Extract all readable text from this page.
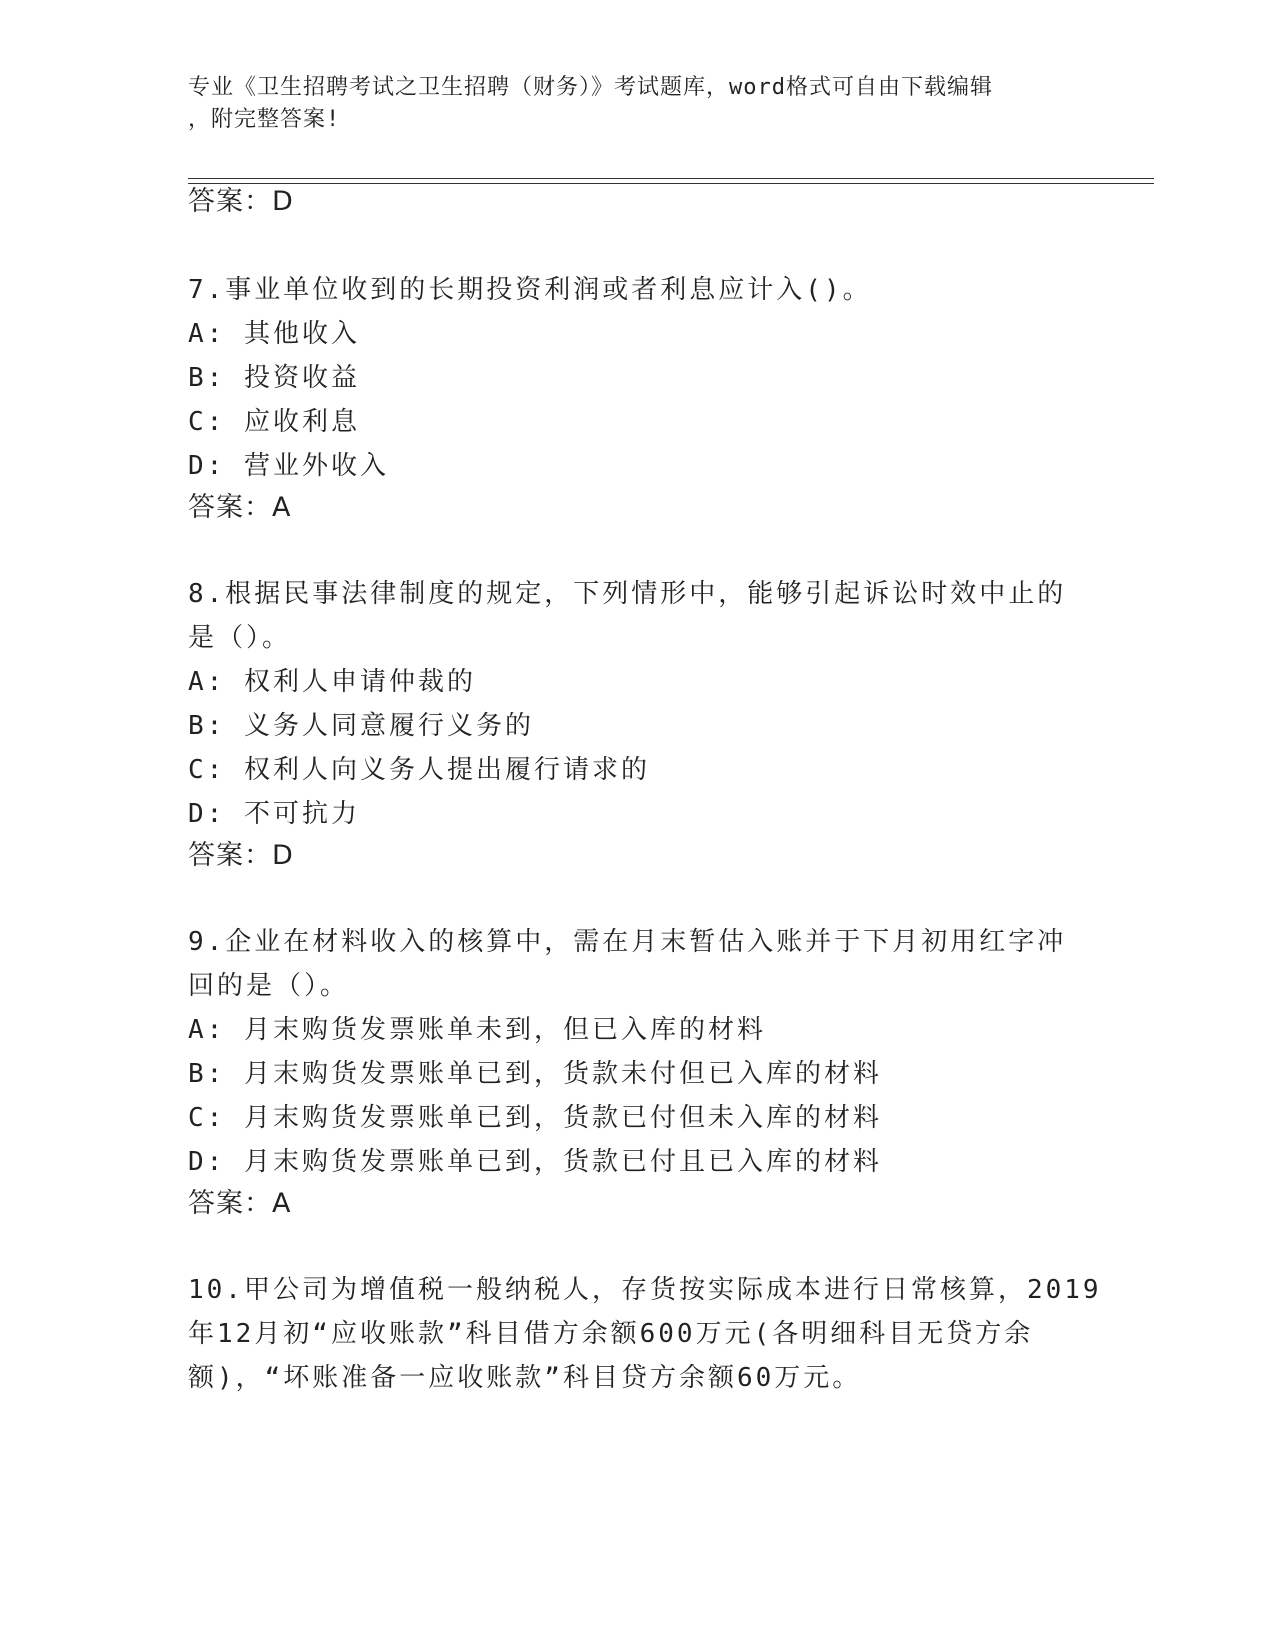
专业《卫生招聘考试之卫生招聘（财务）》考试题库，word格式可自由下载编辑
，附完整答案!
答案：D
7.事业单位收到的长期投资利润或者利息应计入()。
A: 其他收入
B: 投资收益
C: 应收利息
D: 营业外收入
答案：A
8.根据民事法律制度的规定，下列情形中，能够引起诉讼时效中止的
是（）。
A: 权利人申请仲裁的
B: 义务人同意履行义务的
C: 权利人向义务人提出履行请求的
D: 不可抗力
答案：D
9.企业在材料收入的核算中，需在月末暂估入账并于下月初用红字冲
回的是（）。
A: 月末购货发票账单未到，但已入库的材料
B: 月末购货发票账单已到，货款未付但已入库的材料
C: 月末购货发票账单已到，货款已付但未入库的材料
D: 月末购货发票账单已到，货款已付且已入库的材料
答案：A
10.甲公司为增值税一般纳税人，存货按实际成本进行日常核算，2019
年12月初“应收账款”科目借方余额600万元(各明细科目无贷方余
额)，“坏账准备一应收账款”科目贷方余额60万元。
